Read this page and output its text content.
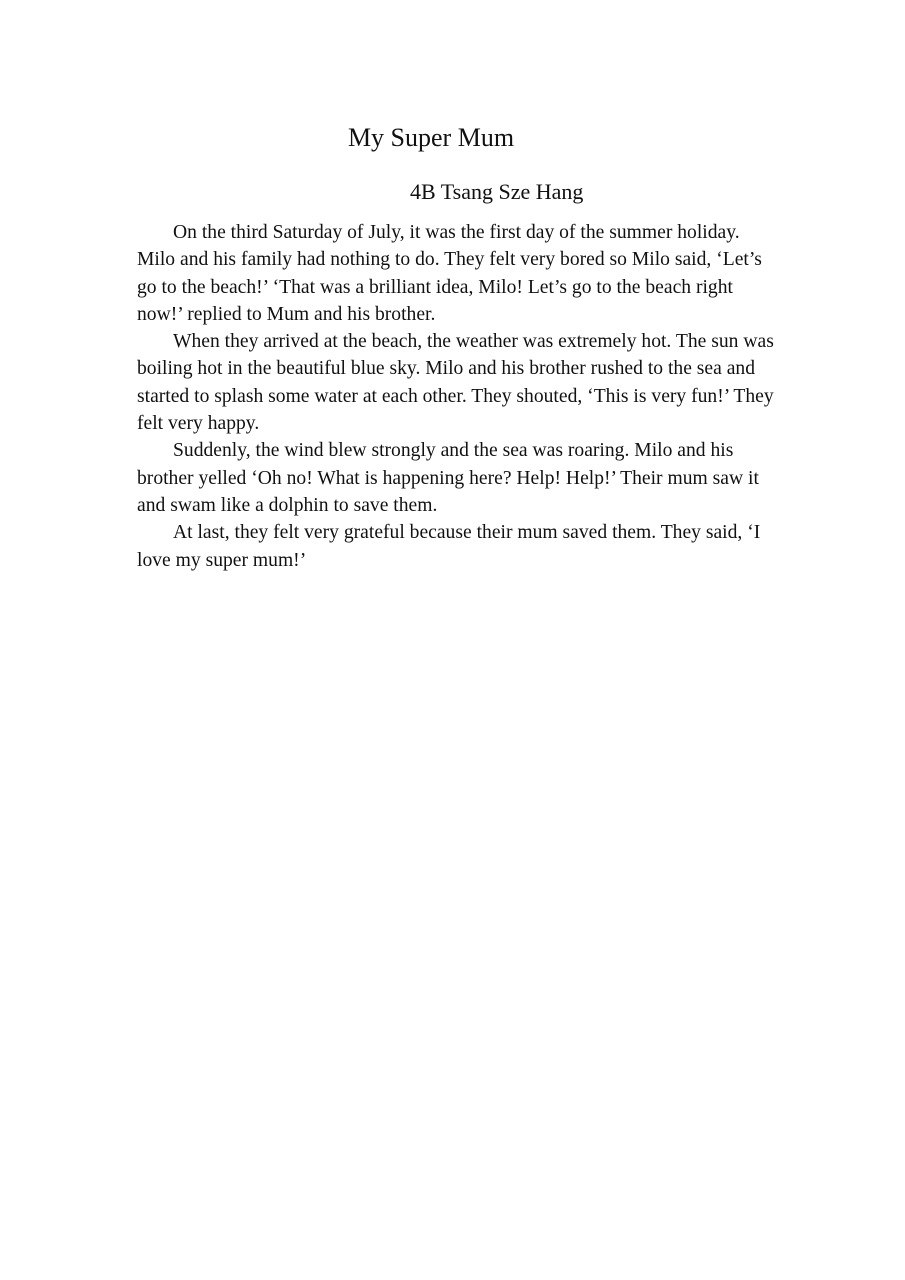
My Super Mum
4B Tsang Sze Hang

On the third Saturday of July, it was the first day of the summer holiday. Milo and his family had nothing to do. They felt very bored so Milo said, ‘Let’s go to the beach!’ ‘That was a brilliant idea, Milo! Let’s go to the beach right now!’ replied to Mum and his brother.

When they arrived at the beach, the weather was extremely hot. The sun was boiling hot in the beautiful blue sky. Milo and his brother rushed to the sea and started to splash some water at each other. They shouted, ‘This is very fun!’ They felt very happy.

Suddenly, the wind blew strongly and the sea was roaring. Milo and his brother yelled ‘Oh no! What is happening here? Help! Help!’ Their mum saw it and swam like a dolphin to save them.

At last, they felt very grateful because their mum saved them. They said, ‘I love my super mum!’
